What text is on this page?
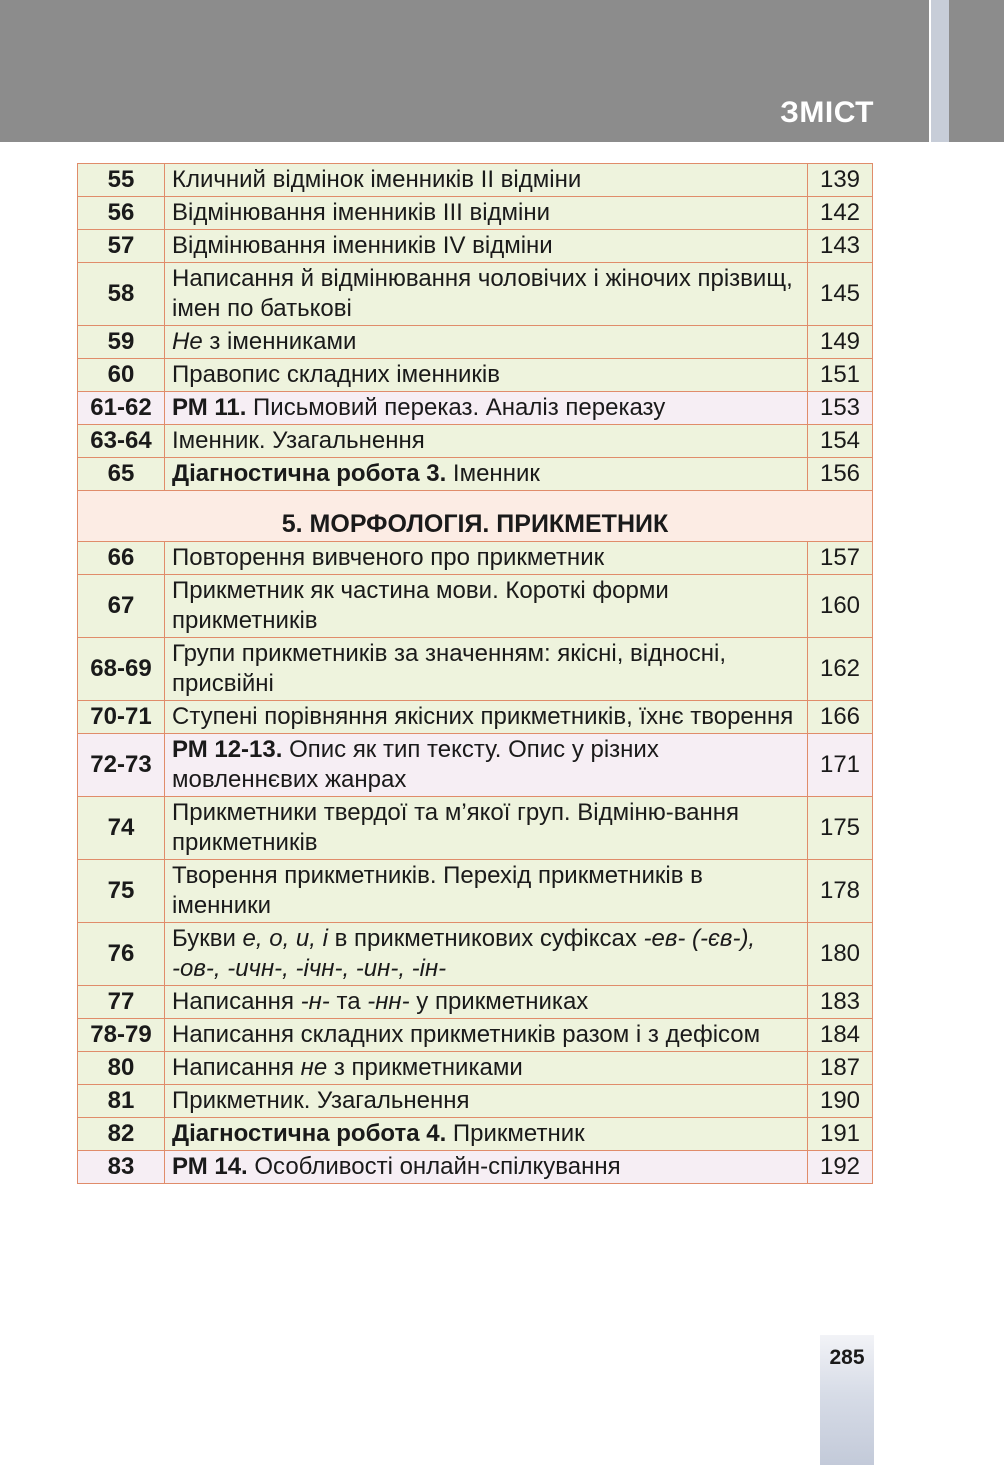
ЗМІСТ
55	Кличний відмінок іменників ІІ відміни	139
56	Відмінювання іменників ІІІ відміни	142
57	Відмінювання іменників IV відміни	143
58	Написання й відмінювання чоловічих і жіночих прізвищ, імен по батькові	145
59	Не з іменниками	149
60	Правопис складних іменників	151
61-62	РМ 11. Письмовий переказ. Аналіз переказу	153
63-64	Іменник. Узагальнення	154
65	Діагностична робота 3. Іменник	156
5. МОРФОЛОГІЯ. ПРИКМЕТНИК		
66	Повторення вивченого про прикметник	157
67	Прикметник як частина мови. Короткі форми прикметників	160
68-69	Групи прикметників за значенням: якісні, відносні, присвійні	162
70-71	Ступені порівняння якісних прикметників, їхнє творення	166
72-73	РМ 12-13. Опис як тип тексту. Опис у різних мовленнєвих жанрах	171
74	Прикметники твердої та м’якої груп. Відміню-вання прикметників	175
75	Творення прикметників. Перехід прикметників в іменники	178
76	Букви е, о, и, і в прикметникових суфіксах -ев- (-єв-), -ов-, -ичн-, -ічн-, -ин-, -ін-	180
77	Написання -н- та -нн- у прикметниках	183
78-79	Написання складних прикметників разом і з дефісом	184
80	Написання не з прикметниками	187
81	Прикметник. Узагальнення	190
82	Діагностична робота 4. Прикметник	191
83	РМ 14. Особливості онлайн-спілкування	192
285
